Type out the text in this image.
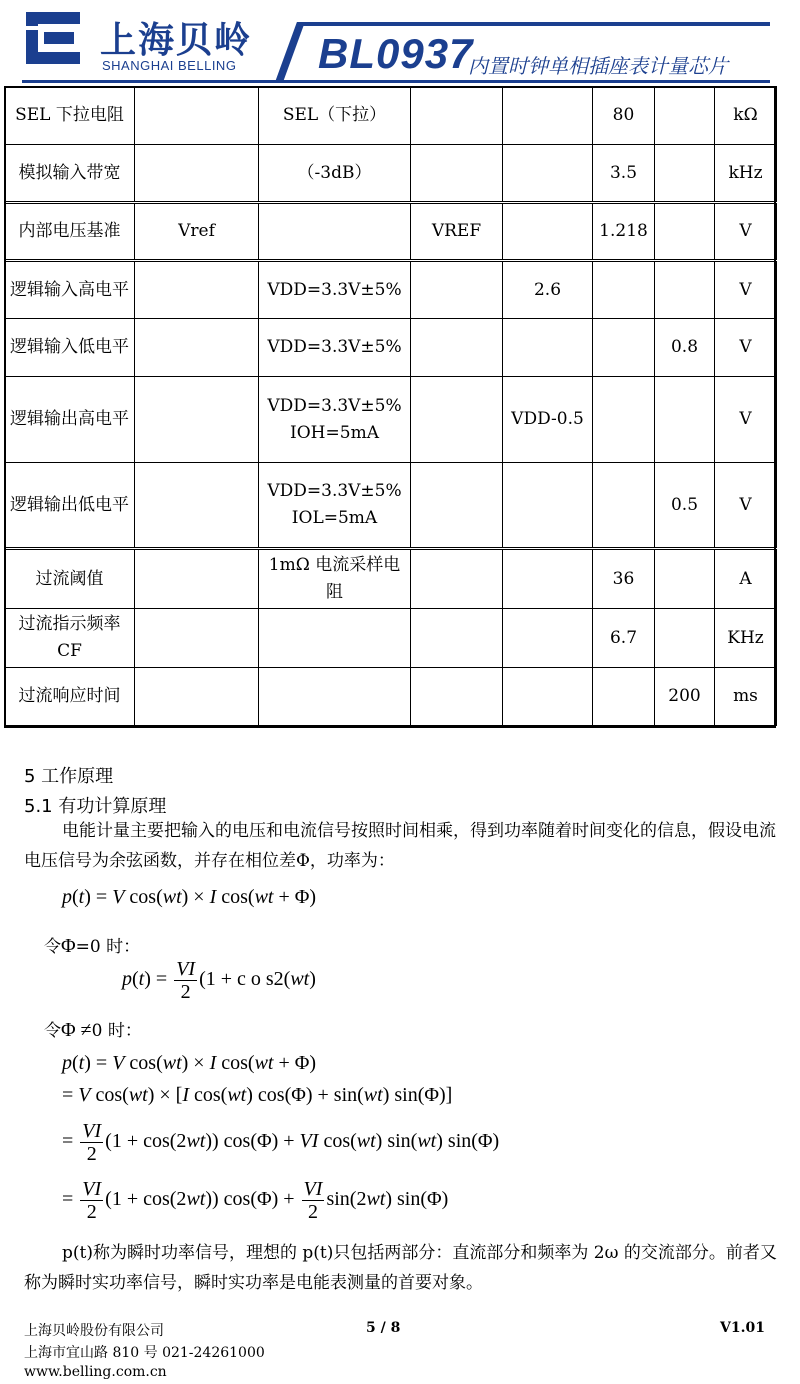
上海贝岭
SHANGHAI BELLING BL0937
内置时钟单相插座表计量芯片
SEL 下拉电阻		SEL（下拉）			80		kΩ
模拟输入带宽		（-3dB）			3.5		kHz
内部电压基准	Vref		VREF		1.218		V
逻辑输入高电平		VDD=3.3V±5%		2.6			V
逻辑输入低电平		VDD=3.3V±5%				0.8	V
逻辑输出高电平		VDD=3.3V±5% IOH=5mA		VDD-0.5			V
逻辑输出低电平		VDD=3.3V±5% IOL=5mA				0.5	V
过流阈值		1mΩ 电流采样电阻			36		A
过流指示频率 CF					6.7		KHz
过流响应时间						200	ms
5 工作原理
5.1 有功计算原理
电能计量主要把输入的电压和电流信号按照时间相乘，得到功率随着时间变化的信息，假设电流电压信号为余弦函数，并存在相位差Φ，功率为：
p(t) = V cos(wt) × I cos(wt + Φ)
令Φ=0 时：
$p(t) = \frac{VI}{2} (1 + c$ o s2(wt)
令Φ ≠0 时：
p(t) = V cos(wt) × I cos(wt + Φ)
= V cos(wt) × [I cos(wt) cos(Φ) + sin(wt) sin(Φ)]
= $\frac{VI}{2} (1 + \cos(2wt)) \cos(\Phi)$ + VI cos(wt) sin(wt) sin(Φ)
= $\frac{VI}{2} (1 + \cos(2wt)) \cos(\Phi) + \frac{VI}{2} \sin(2wt)$ sin(Φ)
p(t)称为瞬时功率信号，理想的 p(t)只包括两部分：直流部分和频率为 2ω 的交流部分。前者又称为瞬时实功率信号，瞬时实功率是电能表测量的首要对象。
上海贝岭股份有限公司
上海市宜山路 810 号 021-24261000
www.belling.com.cn
5 / 8	V1.01
